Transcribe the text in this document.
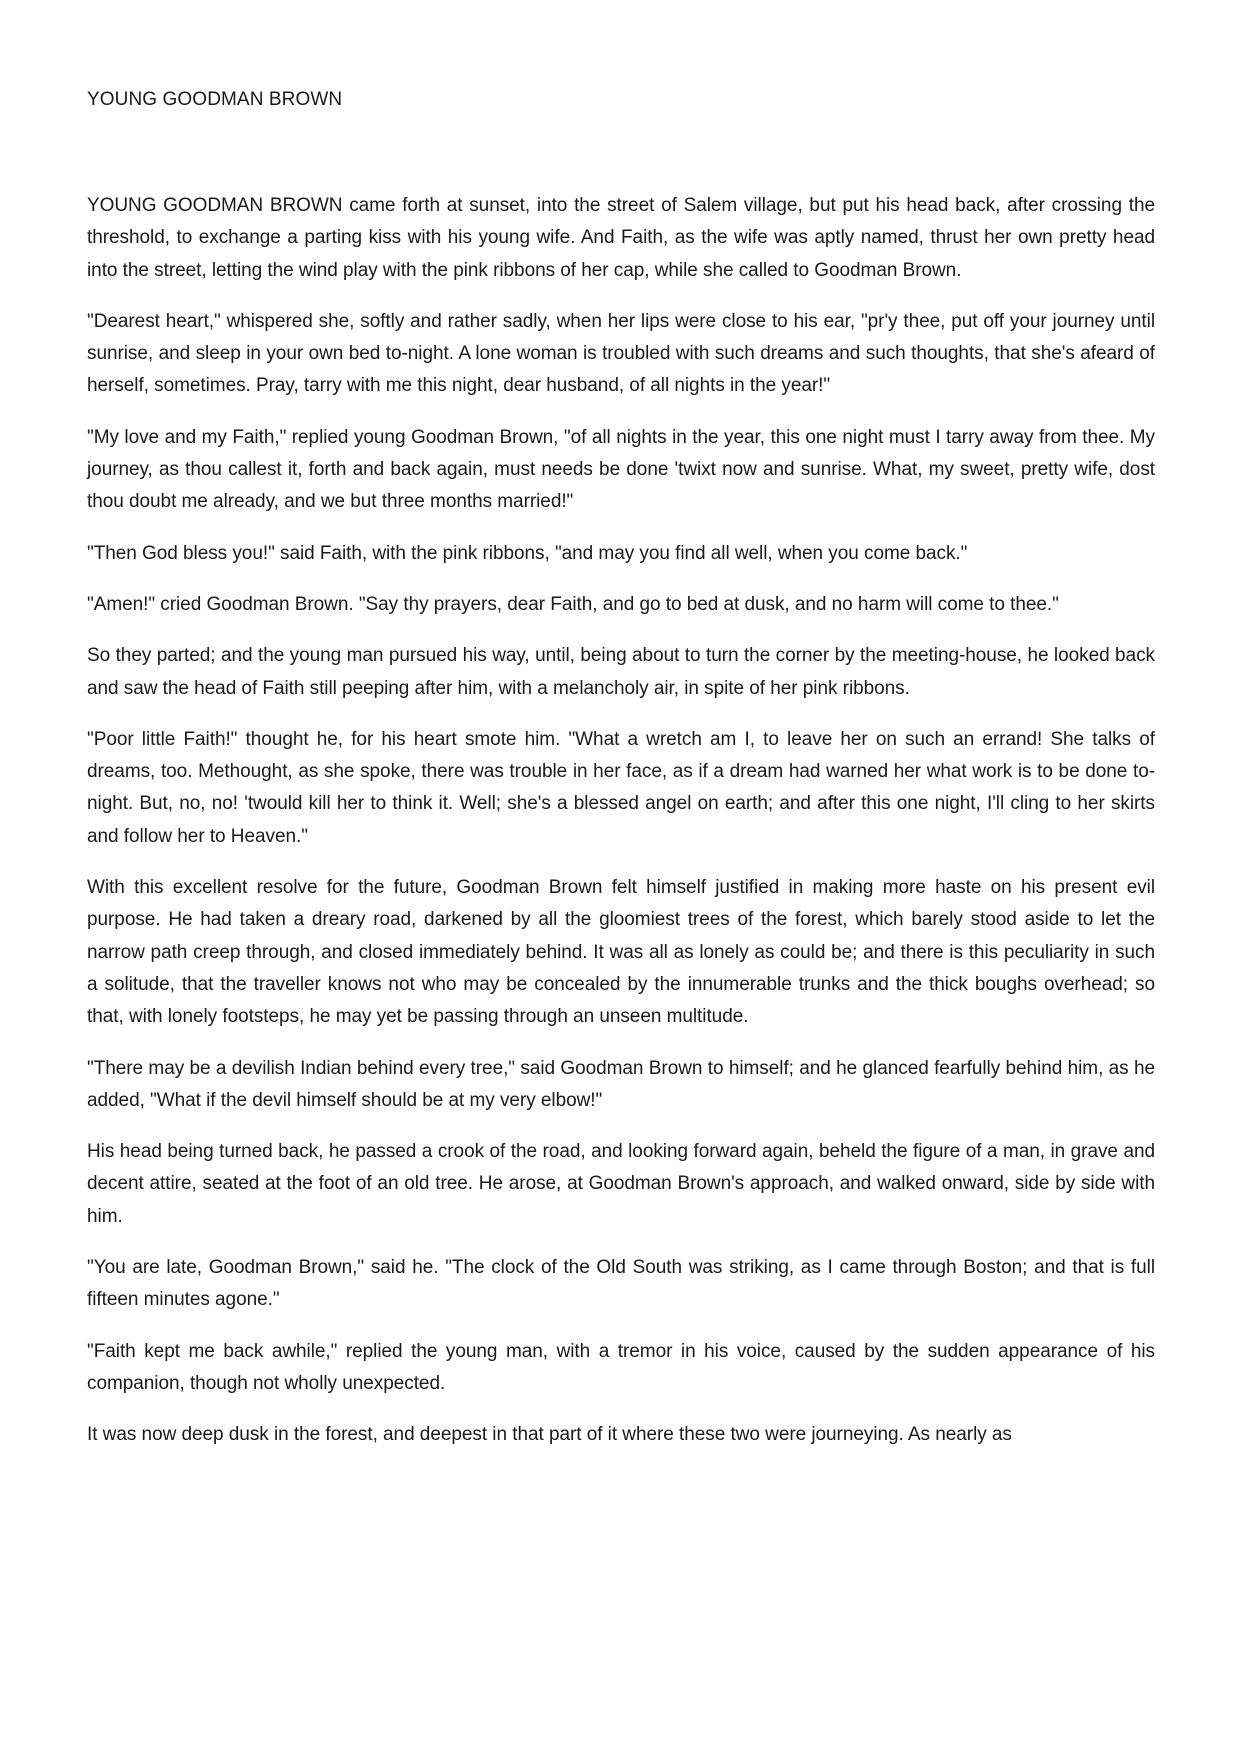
YOUNG GOODMAN BROWN

YOUNG GOODMAN BROWN came forth at sunset, into the street of Salem village, but put his head back, after crossing the threshold, to exchange a parting kiss with his young wife. And Faith, as the wife was aptly named, thrust her own pretty head into the street, letting the wind play with the pink ribbons of her cap, while she called to Goodman Brown.

"Dearest heart," whispered she, softly and rather sadly, when her lips were close to his ear, "pr'y thee, put off your journey until sunrise, and sleep in your own bed to-night. A lone woman is troubled with such dreams and such thoughts, that she's afeard of herself, sometimes. Pray, tarry with me this night, dear husband, of all nights in the year!"

"My love and my Faith," replied young Goodman Brown, "of all nights in the year, this one night must I tarry away from thee. My journey, as thou callest it, forth and back again, must needs be done 'twixt now and sunrise. What, my sweet, pretty wife, dost thou doubt me already, and we but three months married!"

"Then God bless you!" said Faith, with the pink ribbons, "and may you find all well, when you come back."

"Amen!" cried Goodman Brown. "Say thy prayers, dear Faith, and go to bed at dusk, and no harm will come to thee."

So they parted; and the young man pursued his way, until, being about to turn the corner by the meeting-house, he looked back and saw the head of Faith still peeping after him, with a melancholy air, in spite of her pink ribbons.

"Poor little Faith!" thought he, for his heart smote him. "What a wretch am I, to leave her on such an errand! She talks of dreams, too. Methought, as she spoke, there was trouble in her face, as if a dream had warned her what work is to be done to-night. But, no, no! 'twould kill her to think it. Well; she's a blessed angel on earth; and after this one night, I'll cling to her skirts and follow her to Heaven."

With this excellent resolve for the future, Goodman Brown felt himself justified in making more haste on his present evil purpose. He had taken a dreary road, darkened by all the gloomiest trees of the forest, which barely stood aside to let the narrow path creep through, and closed immediately behind. It was all as lonely as could be; and there is this peculiarity in such a solitude, that the traveller knows not who may be concealed by the innumerable trunks and the thick boughs overhead; so that, with lonely footsteps, he may yet be passing through an unseen multitude.

"There may be a devilish Indian behind every tree," said Goodman Brown to himself; and he glanced fearfully behind him, as he added, "What if the devil himself should be at my very elbow!"

His head being turned back, he passed a crook of the road, and looking forward again, beheld the figure of a man, in grave and decent attire, seated at the foot of an old tree. He arose, at Goodman Brown's approach, and walked onward, side by side with him.

"You are late, Goodman Brown," said he. "The clock of the Old South was striking, as I came through Boston; and that is full fifteen minutes agone."

"Faith kept me back awhile," replied the young man, with a tremor in his voice, caused by the sudden appearance of his companion, though not wholly unexpected.

It was now deep dusk in the forest, and deepest in that part of it where these two were journeying. As nearly as
